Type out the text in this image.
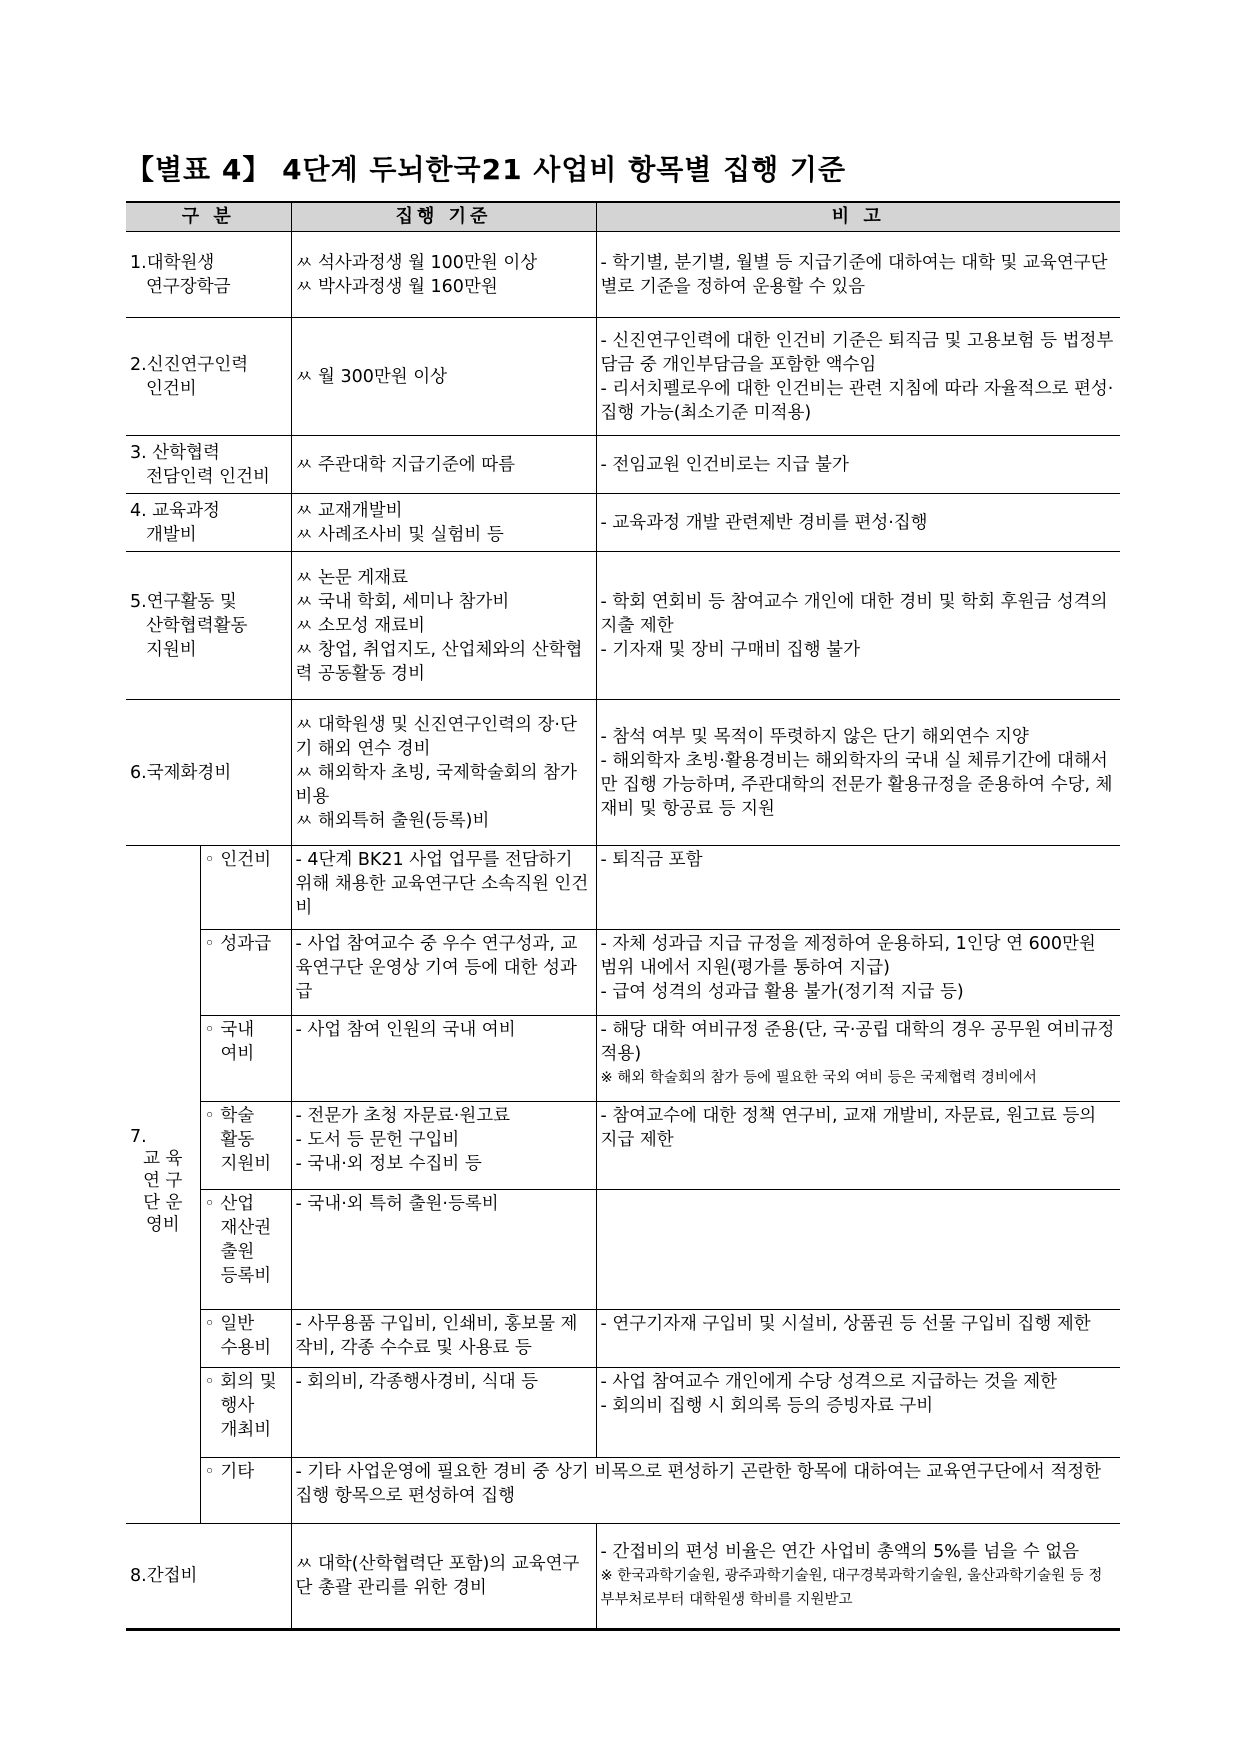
【별표 4】 4단계 두뇌한국21 사업비 항목별 집행 기준
구 분		집행 기준	비 고

1.대학원생
연구장학금		ㅆ 석사과정생 월 100만원 이상
ㅆ 박사과정생 월 160만원	- 학기별, 분기별, 월별 등 지급기준에 대하여는 대학 및 교육연구단별로 기준을 정하여 운용할 수 있음

2.신진연구인력
인건비		ㅆ 월 300만원 이상	- 신진연구인력에 대한 인건비 기준은 퇴직금 및 고용보험 등 법정부담금 중 개인부담금을 포함한 액수임
- 리서치펠로우에 대한 인건비는 관련 지침에 따라 자율적으로 편성·집행 가능(최소기준 미적용)

3. 산학협력
전담인력 인건비		ㅆ 주관대학 지급기준에 따름	- 전임교원 인건비로는 지급 불가

4. 교육과정
개발비		ㅆ 교재개발비
ㅆ 사례조사비 및 실험비 등	- 교육과정 개발 관련제반 경비를 편성·집행

5.연구활동 및
산학협력활동
지원비		ㅆ 논문 게재료
ㅆ 국내 학회, 세미나 참가비
ㅆ 소모성 재료비
ㅆ 창업, 취업지도, 산업체와의 산학협력 공동활동 경비	- 학회 연회비 등 참여교수 개인에 대한 경비 및 학회 후원금 성격의 지출 제한
- 기자재 및 장비 구매비 집행 불가

6.국제화경비		ㅆ 대학원생 및 신진연구인력의 장·단기 해외 연수 경비
ㅆ 해외학자 초빙, 국제학술회의 참가비용
ㅆ 해외특허 출원(등록)비	- 참석 여부 및 목적이 뚜렷하지 않은 단기 해외연수 지양
- 해외학자 초빙·활용경비는 해외학자의 국내 실 체류기간에 대해서만 집행 가능하며, 주관대학의 전문가 활용규정을 준용하여 수당, 체재비 및 항공료 등 지원

7.
교 육
연 구
단 운
영비	◦ 인건비	- 4단계 BK21 사업 업무를 전담하기 위해 채용한 교육연구단 소속직원 인건비	- 퇴직금 포함

	◦ 성과급	- 사업 참여교수 중 우수 연구성과, 교육연구단 운영상 기여 등에 대한 성과급	- 자체 성과급 지급 규정을 제정하여 운용하되, 1인당 연 600만원 범위 내에서 지원(평가를 통하여 지급)
- 급여 성격의 성과급 활용 불가(정기적 지급 등)

	◦ 국내
여비	- 사업 참여 인원의 국내 여비	- 해당 대학 여비규정 준용(단, 국·공립 대학의 경우 공무원 여비규정 적용)
※ 해외 학술회의 참가 등에 필요한 국외 여비 등은 국제협력 경비에서

	◦ 학술
활동
지원비	- 전문가 초청 자문료·원고료
- 도서 등 문헌 구입비
- 국내·외 정보 수집비 등	- 참여교수에 대한 정책 연구비, 교재 개발비, 자문료, 원고료 등의 지급 제한

	◦ 산업
재산권
출원
등록비	- 국내·외 특허 출원·등록비	

	◦ 일반
수용비	- 사무용품 구입비, 인쇄비, 홍보물 제작비, 각종 수수료 및 사용료 등	- 연구기자재 구입비 및 시설비, 상품권 등 선물 구입비 집행 제한

	◦ 회의 및
행사
개최비	- 회의비, 각종행사경비, 식대 등	- 사업 참여교수 개인에게 수당 성격으로 지급하는 것을 제한
- 회의비 집행 시 회의록 등의 증빙자료 구비

	◦ 기타	- 기타 사업운영에 필요한 경비 중 상기 비목으로 편성하기 곤란한 항목에 대하여는 교육연구단에서 적정한 집행 항목으로 편성하여 집행	

8.간접비		ㅆ 대학(산학협력단 포함)의 교육연구단 총괄 관리를 위한 경비	- 간접비의 편성 비율은 연간 사업비 총액의 5%를 넘을 수 없음
※ 한국과학기술원, 광주과학기술원, 대구경북과학기술원, 울산과학기술원 등 정부부처로부터 대학원생 학비를 지원받고
